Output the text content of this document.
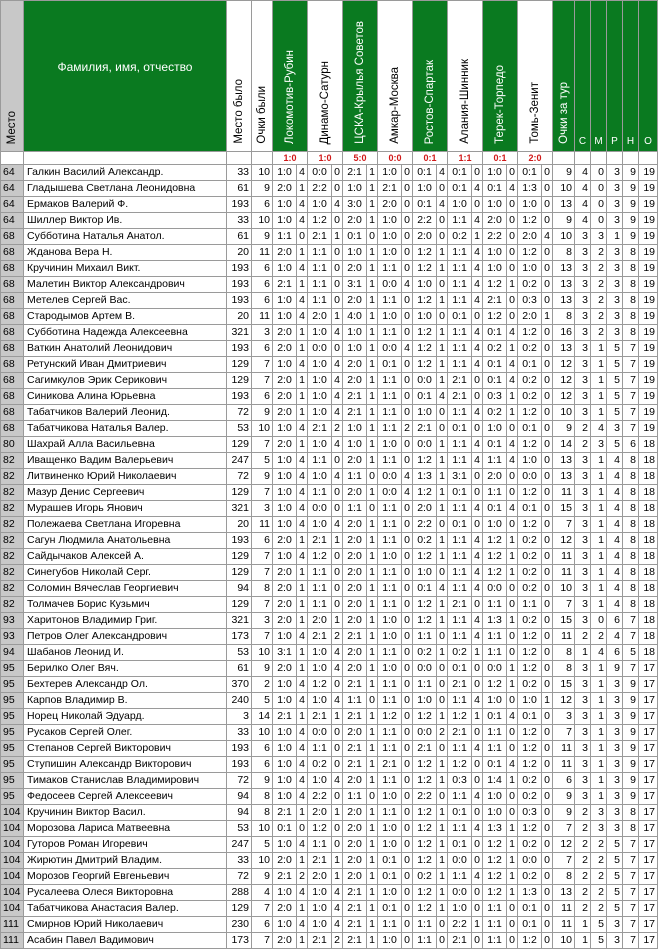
Место	Фамилия, имя, отчество	Место было	Очки были	Локомотив-Рубин		Динамо-Сатурн		ЦСКА-Крылья Советов		Амкар-Москва		Ростов-Спартак		Алания-Шинник		Терек-Торпедо		Томь-Зенит		Очки за тур	С	М	Р	Н	О
				1:0		1:0		5:0		0:0		0:1		1:1		0:1		2:0							
64	Галкин Василий Александр.	33	10	1:0	4	0:0	0	2:1	1	1:0	0	0:1	4	0:1	0	1:0	0	0:1	0	9	4	0	3	9	19
64	Гладышева Светлана Леонидовна	61	9	2:0	1	2:2	0	1:0	1	2:1	0	1:0	0	0:1	4	0:1	4	1:3	0	10	4	0	3	9	19
64	Ермаков Валерий Ф.	193	6	1:0	4	1:0	4	3:0	1	2:0	0	0:1	4	1:0	0	1:0	0	1:0	0	13	4	0	3	9	19
64	Шиллер Виктор Ив.	33	10	1:0	4	1:2	0	2:0	1	1:0	0	2:2	0	1:1	4	2:0	0	1:2	0	9	4	0	3	9	19
68	Субботина Наталья Анатол.	61	9	1:1	0	2:1	1	0:1	0	1:0	0	2:0	0	0:2	1	2:2	0	2:0	4	10	3	3	1	9	19
68	Жданова Вера Н.	20	11	2:0	1	1:1	0	1:0	1	1:0	0	1:2	1	1:1	4	1:0	0	1:2	0	8	3	2	3	8	19
68	Кручинин Михаил Викт.	193	6	1:0	4	1:1	0	2:0	1	1:1	0	1:2	1	1:1	4	1:0	0	1:0	0	13	3	2	3	8	19
68	Малетин Виктор Александрович	193	6	2:1	1	1:1	0	3:1	1	0:0	4	1:0	0	1:1	4	1:2	1	0:2	0	13	3	2	3	8	19
68	Метелев Сергей Вас.	193	6	1:0	4	1:1	0	2:0	1	1:1	0	1:2	1	1:1	4	2:1	0	0:3	0	13	3	2	3	8	19
68	Стародымов Артем В.	20	11	1:0	4	2:0	1	4:0	1	1:0	0	1:0	0	0:1	0	1:2	0	2:0	1	8	3	2	3	8	19
68	Субботина Надежда Алексеевна	321	3	2:0	1	1:0	4	1:0	1	1:1	0	1:2	1	1:1	4	0:1	4	1:2	0	16	3	2	3	8	19
68	Ваткин Анатолий Леонидович	193	6	2:0	1	0:0	0	1:0	1	0:0	4	1:2	1	1:1	4	0:2	1	0:2	0	13	3	1	5	7	19
68	Ретунский Иван Дмитриевич	129	7	1:0	4	1:0	4	2:0	1	0:1	0	1:2	1	1:1	4	0:1	4	0:1	0	12	3	1	5	7	19
68	Сагимкулов Эрик Серикович	129	7	2:0	1	1:0	4	2:0	1	1:1	0	0:0	1	2:1	0	0:1	4	0:2	0	12	3	1	5	7	19
68	Синикова Алина Юрьевна	193	6	2:0	1	1:0	4	2:1	1	1:1	0	0:1	4	2:1	0	0:3	1	0:2	0	12	3	1	5	7	19
68	Табатчиков Валерий Леонид.	72	9	2:0	1	1:0	4	2:1	1	1:1	0	1:0	0	1:1	4	0:2	1	1:2	0	10	3	1	5	7	19
68	Табатчикова Наталья Валер.	53	10	1:0	4	2:1	2	1:0	1	1:1	2	2:1	0	0:1	0	1:0	0	0:1	0	9	2	4	3	7	19
80	Шахрай Алла Васильевна	129	7	2:0	1	1:0	4	1:0	1	1:0	0	0:0	1	1:1	4	0:1	4	1:2	0	14	2	3	5	6	18
82	Иващенко Вадим Валерьевич	247	5	1:0	4	1:1	0	2:0	1	1:1	0	1:2	1	1:1	4	1:1	4	1:0	0	13	3	1	4	8	18
82	Литвиненко Юрий Николаевич	72	9	1:0	4	1:0	4	1:1	0	0:0	4	1:3	1	3:1	0	2:0	0	0:0	0	13	3	1	4	8	18
82	Мазур Денис Сергеевич	129	7	1:0	4	1:1	0	2:0	1	0:0	4	1:2	1	0:1	0	1:1	0	1:2	0	11	3	1	4	8	18
82	Мурашев Игорь Янович	321	3	1:0	4	0:0	0	1:1	0	1:1	0	2:0	1	1:1	4	0:1	4	0:1	0	15	3	1	4	8	18
82	Полежаева Светлана Игоревна	20	11	1:0	4	1:0	4	2:0	1	1:1	0	2:2	0	0:1	0	1:0	0	1:2	0	7	3	1	4	8	18
82	Сагун Людмила Анатольевна	193	6	2:0	1	2:1	1	2:0	1	1:1	0	0:2	1	1:1	4	1:2	1	0:2	0	12	3	1	4	8	18
82	Сайдычаков Алексей А.	129	7	1:0	4	1:2	0	2:0	1	1:0	0	1:2	1	1:1	4	1:2	1	0:2	0	11	3	1	4	8	18
82	Синегубов Николай Серг.	129	7	2:0	1	1:1	0	2:0	1	1:1	0	1:0	0	1:1	4	1:2	1	0:2	0	11	3	1	4	8	18
82	Соломин Вячеслав Георгиевич	94	8	2:0	1	1:1	0	2:0	1	1:1	0	0:1	4	1:1	4	0:0	0	0:2	0	10	3	1	4	8	18
82	Толмачев Борис Кузьмич	129	7	2:0	1	1:1	0	2:0	1	1:1	0	1:2	1	2:1	0	1:1	0	1:1	0	7	3	1	4	8	18
93	Харитонов Владимир Григ.	321	3	2:0	1	2:0	1	2:0	1	1:0	0	1:2	1	1:1	4	1:3	1	0:2	0	15	3	0	6	7	18
93	Петров Олег Александрович	173	7	1:0	4	2:1	2	2:1	1	1:0	0	1:1	0	1:1	4	1:1	0	1:2	0	11	2	2	4	7	18
94	Шабанов Леонид И.	53	10	3:1	1	1:0	4	2:0	1	1:1	0	0:2	1	0:2	1	1:1	0	1:2	0	8	1	4	6	5	18
95	Берилко Олег Вяч.	61	9	2:0	1	1:0	4	2:0	1	1:0	0	0:0	0	0:1	0	0:0	1	1:2	0	8	3	1	9	7	17
95	Бехтерев Александр Ол.	370	2	1:0	4	1:2	0	2:1	1	1:1	0	1:1	0	2:1	0	1:2	1	0:2	0	15	3	1	3	9	17
95	Карпов Владимир В.	240	5	1:0	4	1:0	4	1:1	0	1:1	0	1:0	0	1:1	4	1:0	0	1:0	1	12	3	1	3	9	17
95	Норец Николай Эдуард.	3	14	2:1	1	2:1	1	2:1	1	1:2	0	1:2	1	1:2	1	0:1	4	0:1	0	3	3	1	3	9	17
95	Русаков Сергей Олег.	33	10	1:0	4	0:0	0	2:0	1	1:1	0	0:0	2	2:1	0	1:1	0	1:2	0	7	3	1	3	9	17
95	Степанов Сергей Викторович	193	6	1:0	4	1:1	0	2:1	1	1:1	0	2:1	0	1:1	4	1:1	0	1:2	0	11	3	1	3	9	17
95	Ступишин Александр Викторович	193	6	1:0	4	0:2	0	2:1	1	2:1	0	1:2	1	1:2	0	0:1	4	1:2	0	11	3	1	3	9	17
95	Тимаков Станислав Владимирович	72	9	1:0	4	1:0	4	2:0	1	1:1	0	1:2	1	0:3	0	1:4	1	0:2	0	6	3	1	3	9	17
95	Федосеев Сергей Алексеевич	94	8	1:0	4	2:2	0	1:1	0	1:0	0	2:2	0	1:1	4	1:0	0	0:2	0	9	3	1	3	9	17
104	Кручинин Виктор Васил.	94	8	2:1	1	2:0	1	2:0	1	1:1	0	1:2	1	0:1	0	1:0	0	0:3	0	9	2	3	3	8	17
104	Морозова Лариса Матвеевна	53	10	0:1	0	1:2	0	2:0	1	1:0	0	1:2	1	1:1	4	1:3	1	1:2	0	7	2	3	3	8	17
104	Гуторов Роман Игоревич	247	5	1:0	4	1:1	0	2:0	1	1:0	0	1:2	1	0:1	0	1:2	1	0:2	0	12	2	2	5	7	17
104	Жирютин Дмитрий Владим.	33	10	2:0	1	2:1	1	2:0	1	0:1	0	1:2	1	0:0	0	1:2	1	0:0	0	7	2	2	5	7	17
104	Морозов Георгий Евгеньевич	72	9	2:1	2	2:0	1	2:0	1	0:1	0	0:2	1	1:1	4	1:2	1	0:2	0	8	2	2	5	7	17
104	Русалеева Олеся Викторовна	288	4	1:0	4	1:0	4	2:1	1	1:0	0	1:2	1	0:0	0	1:2	1	1:3	0	13	2	2	5	7	17
104	Табатчикова Анастасия Валер.	129	7	2:0	1	1:0	4	2:1	1	0:1	0	1:2	1	1:0	0	1:1	0	0:1	0	11	2	2	5	7	17
111	Смирнов Юрий Николаевич	230	6	1:0	4	1:0	4	2:1	1	1:1	0	1:1	0	2:2	1	1:1	0	0:1	0	11	1	5	3	7	17
111	Асабин Павел Вадимович	173	7	2:0	1	2:1	2	2:1	1	1:0	0	1:1	0	2:1	0	1:1	0	1:2	0	10	1	5	3	7	17
